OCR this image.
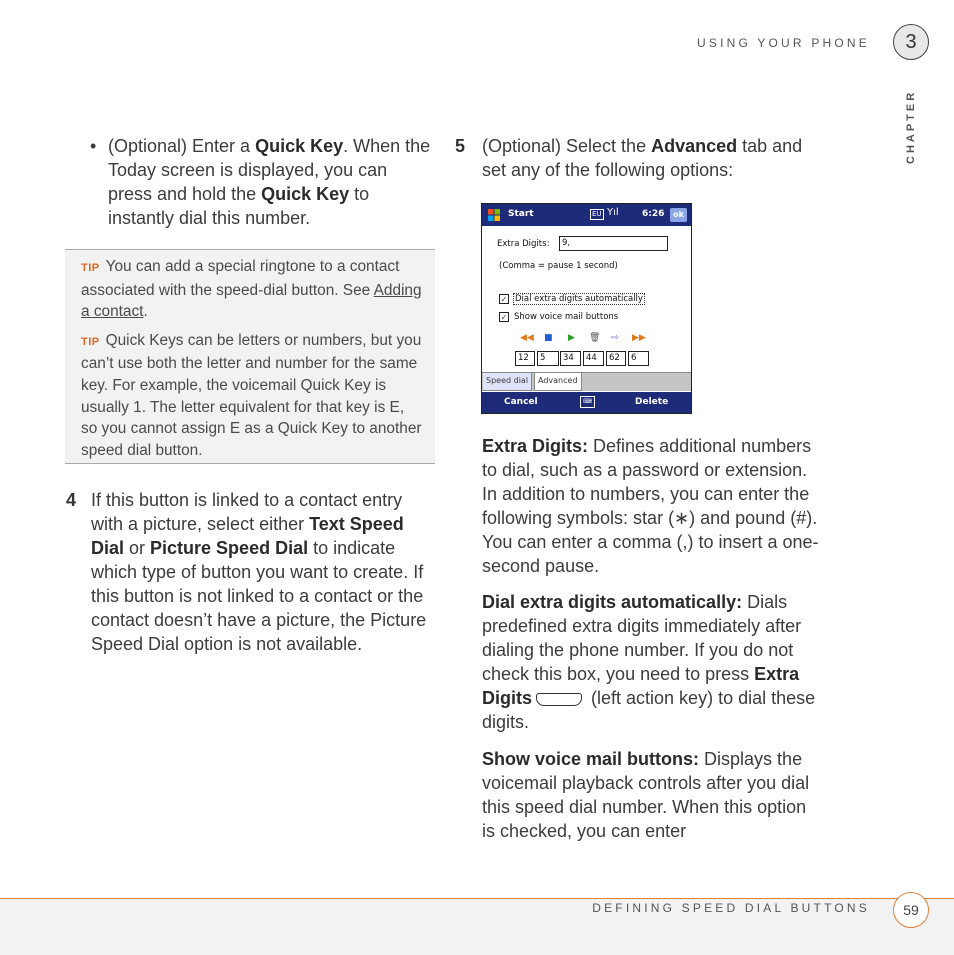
USING YOUR PHONE	3
CHAPTER
• (Optional) Enter a Quick Key. When the Today screen is displayed, you can press and hold the Quick Key to instantly dial this number.

TIP You can add a special ringtone to a contact associated with the speed-dial button. See Adding a contact.

TIP Quick Keys can be letters or numbers, but you can’t use both the letter and number for the same key. For example, the voicemail Quick Key is usually 1. The letter equivalent for that key is E, so you cannot assign E as a Quick Key to another speed dial button.

4 If this button is linked to a contact entry with a picture, select either Text Speed Dial or Picture Speed Dial to indicate which type of button you want to create. If this button is not linked to a contact or the contact doesn’t have a picture, the Picture Speed Dial option is not available.
5 (Optional) Select the Advanced tab and set any of the following options:
Start	EU Yıl	6:26	ok
Extra Digits:	9,
(Comma = pause 1 second)
✓ Dial extra digits automatically
✓ Show voice mail buttons
◀◀ ■ ▶ 🗑 ⇨ ▶▶
12	5	34	44	62	6
Speed dial	Advanced
Cancel	⌨	Delete
Extra Digits: Defines additional numbers to dial, such as a password or extension. In addition to numbers, you can enter the following symbols: star (∗) and pound (#). You can enter a comma (,) to insert a one-second pause.
Dial extra digits automatically: Dials predefined extra digits immediately after dialing the phone number. If you do not check this box, you need to press Extra Digits	(left action key) to dial these digits.
Show voice mail buttons: Displays the voicemail playback controls after you dial this speed dial number. When this option is checked, you can enter
DEFINING SPEED DIAL BUTTONS	59
